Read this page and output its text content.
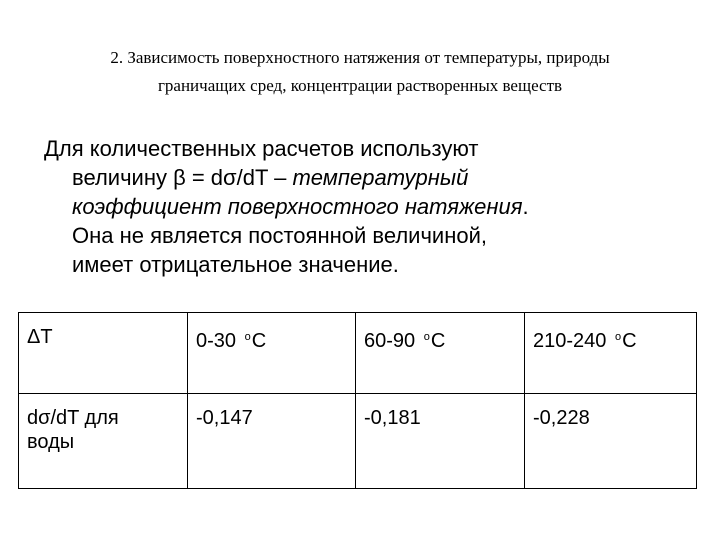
2. Зависимость поверхностного натяжения от температуры, природы
граничащих сред, концентрации растворенных веществ
Для количественных расчетов используют
величину β = dσ/dT – температурный
коэффициент поверхностного натяжения.
Она не является постоянной величиной,
имеет отрицательное значение.
ΔT	0-30 $^o$C	60-90 $^o$C	210-240 $^o$C
dσ/dT для
воды	-0,147	-0,181	-0,228
